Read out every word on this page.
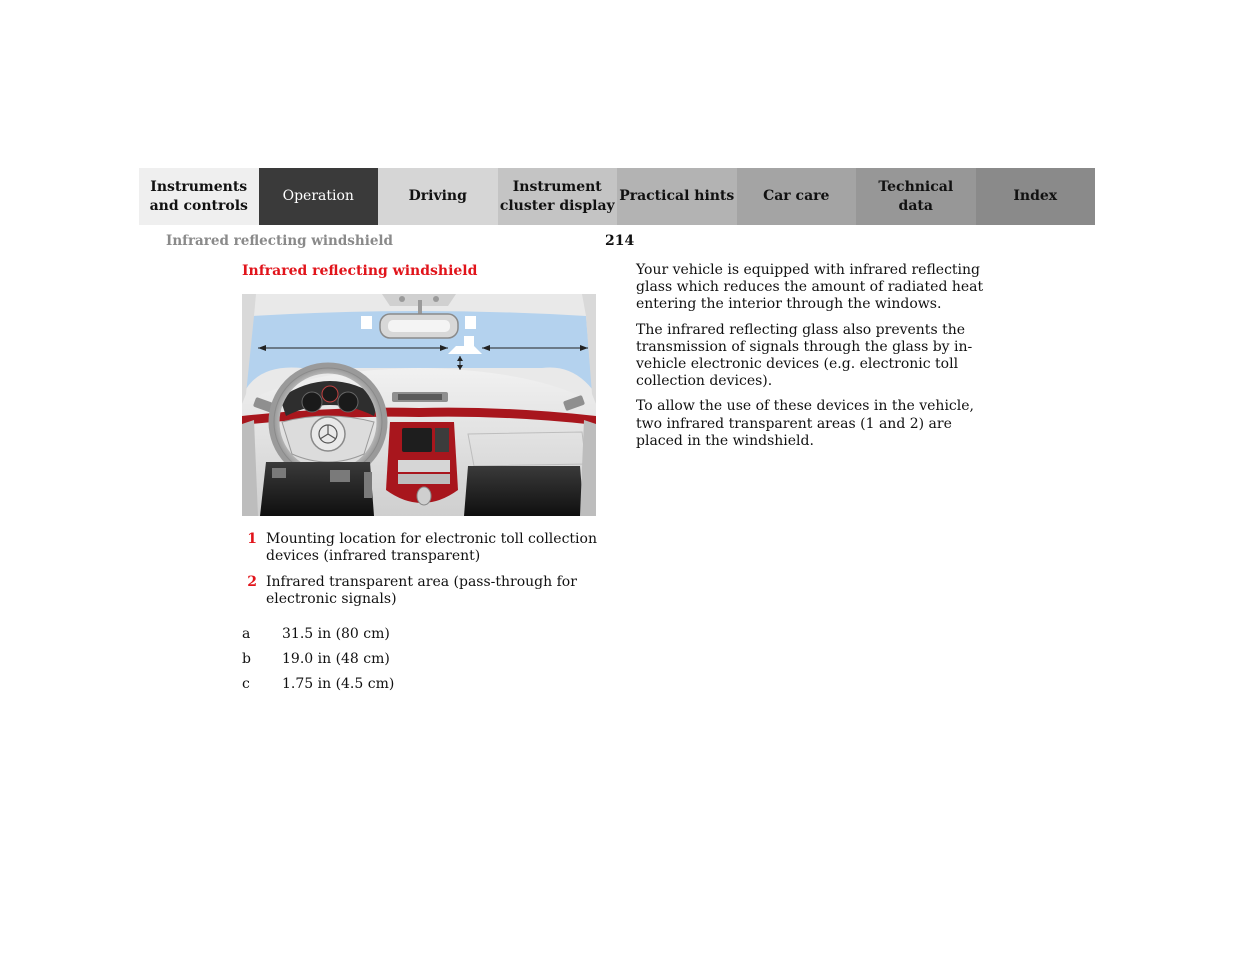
Instruments
and controls
Operation	Driving
Instrument
cluster display
Practical hints	Car care
Technical
data
Index
Infrared reflecting windshield	214
Infrared reflecting windshield
1 Mounting location for electronic toll collection devices (infrared transparent)
2 Infrared transparent area (pass-through for electronic signals)
a	31.5 in (80 cm)
b	19.0 in (48 cm)
c	1.75 in (4.5 cm)

Your vehicle is equipped with infrared reflecting glass which reduces the amount of radiated heat entering the interior through the windows.

The infrared reflecting glass also prevents the transmission of signals through the glass by in-vehicle electronic devices (e.g. electronic toll collection devices).

To allow the use of these devices in the vehicle, two infrared transparent areas (1 and 2) are placed in the windshield.
